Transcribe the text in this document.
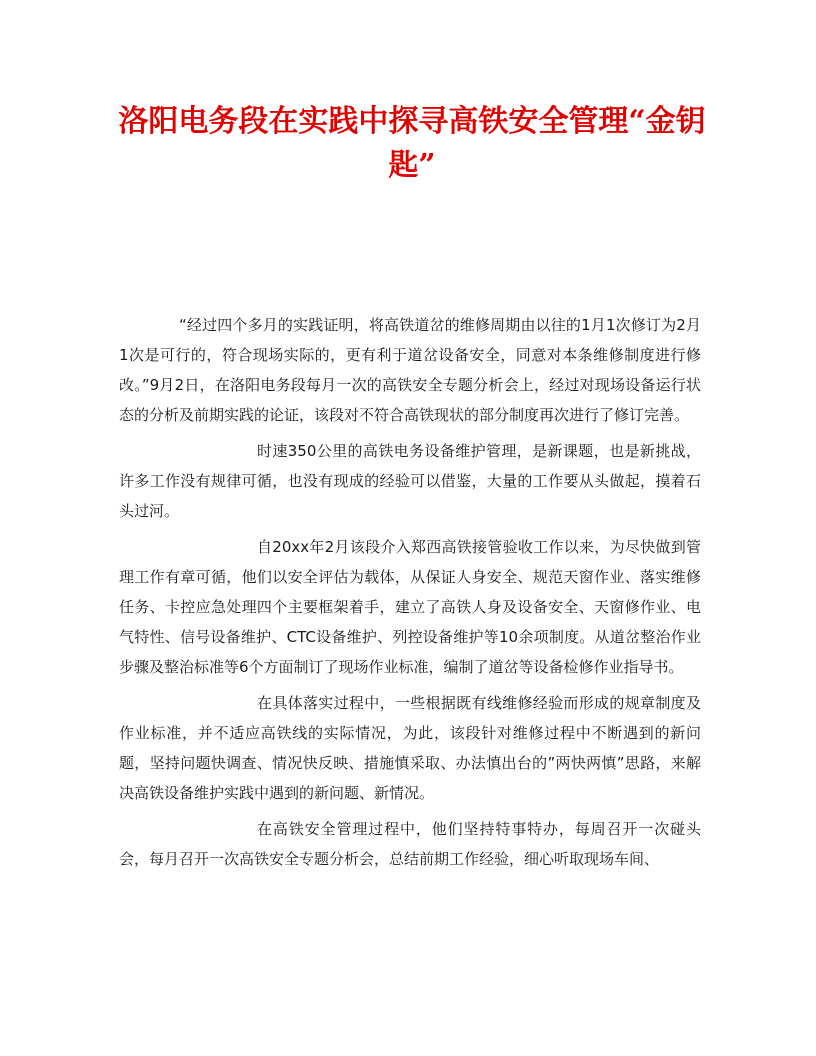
洛阳电务段在实践中探寻高铁安全管理“金钥匙”

“经过四个多月的实践证明，将高铁道岔的维修周期由以往的1月1次修订为2月1次是可行的，符合现场实际的，更有利于道岔设备安全，同意对本条维修制度进行修改。”9月2日，在洛阳电务段每月一次的高铁安全专题分析会上，经过对现场设备运行状态的分析及前期实践的论证，该段对不符合高铁现状的部分制度再次进行了修订完善。

时速350公里的高铁电务设备维护管理，是新课题，也是新挑战，许多工作没有规律可循，也没有现成的经验可以借鉴，大量的工作要从头做起，摸着石头过河。

自20xx年2月该段介入郑西高铁接管验收工作以来，为尽快做到管理工作有章可循，他们以安全评估为载体，从保证人身安全、规范天窗作业、落实维修任务、卡控应急处理四个主要框架着手，建立了高铁人身及设备安全、天窗修作业、电气特性、信号设备维护、CTC设备维护、列控设备维护等10余项制度。从道岔整治作业步骤及整治标准等6个方面制订了现场作业标准，编制了道岔等设备检修作业指导书。

在具体落实过程中，一些根据既有线维修经验而形成的规章制度及作业标准，并不适应高铁线的实际情况，为此，该段针对维修过程中不断遇到的新问题，坚持问题快调查、情况快反映、措施慎采取、办法慎出台的”两快两慎”思路，来解决高铁设备维护实践中遇到的新问题、新情况。

在高铁安全管理过程中，他们坚持特事特办，每周召开一次碰头会，每月召开一次高铁安全专题分析会，总结前期工作经验，细心听取现场车间、
